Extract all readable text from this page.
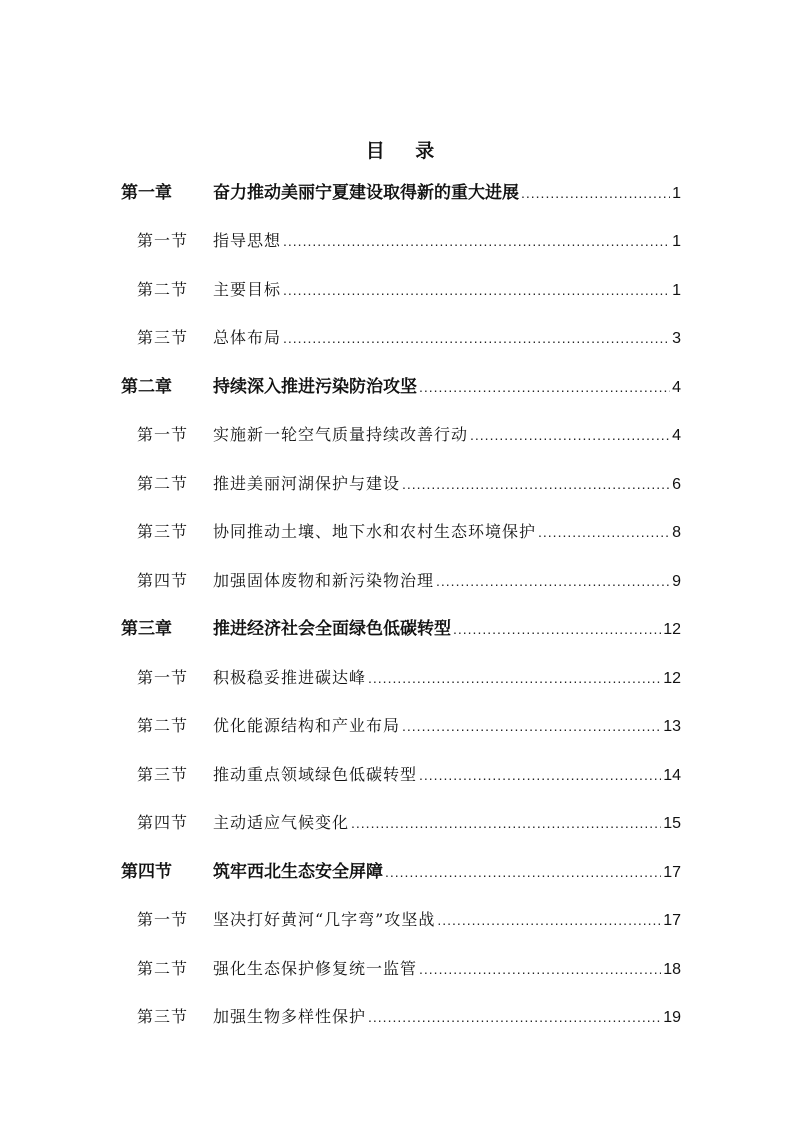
目 录
第一章	奋力推动美丽宁夏建设取得新的重大进展 .....	1
第一节	指导思想 .....	1
第二节	主要目标 .....	1
第三节	总体布局 .....	3
第二章	持续深入推进污染防治攻坚 .....	4
第一节	实施新一轮空气质量持续改善行动 .....	4
第二节	推进美丽河湖保护与建设 .....	6
第三节	协同推动土壤、地下水和农村生态环境保护 .....	8
第四节	加强固体废物和新污染物治理 .....	9
第三章	推进经济社会全面绿色低碳转型 .....	12
第一节	积极稳妥推进碳达峰 .....	12
第二节	优化能源结构和产业布局 .....	13
第三节	推动重点领域绿色低碳转型 .....	14
第四节	主动适应气候变化 .....	15
第四节	筑牢西北生态安全屏障 .....	17
第一节	坚决打好黄河“几字弯”攻坚战 .....	17
第二节	强化生态保护修复统一监管 .....	18
第三节	加强生物多样性保护 .....	19
